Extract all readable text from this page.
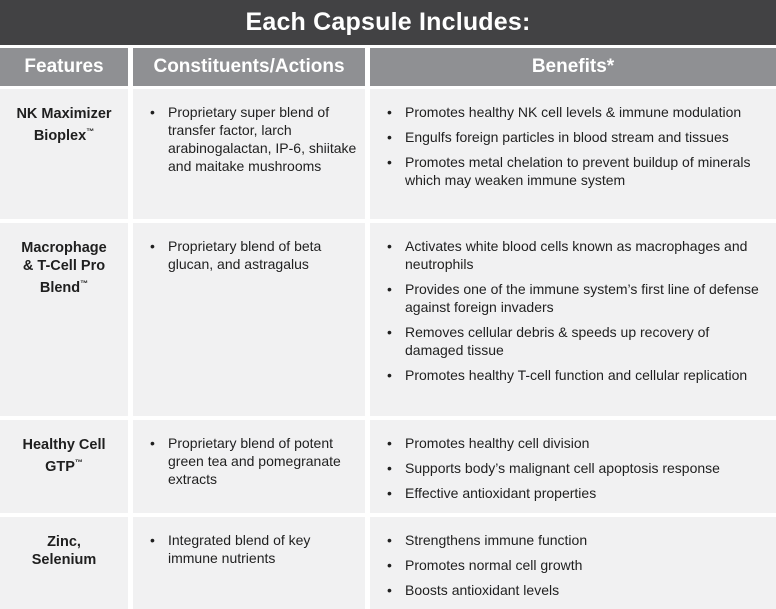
Each Capsule Includes:
Features	Constituents/Actions	Benefits*
NK Maximizer
Bioplex™
• Proprietary super blend of transfer factor, larch arabinogalactan, IP-6, shiitake and maitake mushrooms
• Promotes healthy NK cell levels & immune modulation
• Engulfs foreign particles in blood stream and tissues
• Promotes metal chelation to prevent buildup of minerals which may weaken immune system
Macrophage
& T-Cell Pro
Blend™
• Proprietary blend of beta glucan, and astragalus
• Activates white blood cells known as macrophages and neutrophils
• Provides one of the immune system’s first line of defense against foreign invaders
• Removes cellular debris & speeds up recovery of damaged tissue
• Promotes healthy T-cell function and cellular replication
Healthy Cell
GTP™
• Proprietary blend of potent green tea and pomegranate extracts
• Promotes healthy cell division
• Supports body’s malignant cell apoptosis response
• Effective antioxidant properties
Zinc,
Selenium
• Integrated blend of key immune nutrients
• Strengthens immune function
• Promotes normal cell growth
• Boosts antioxidant levels
